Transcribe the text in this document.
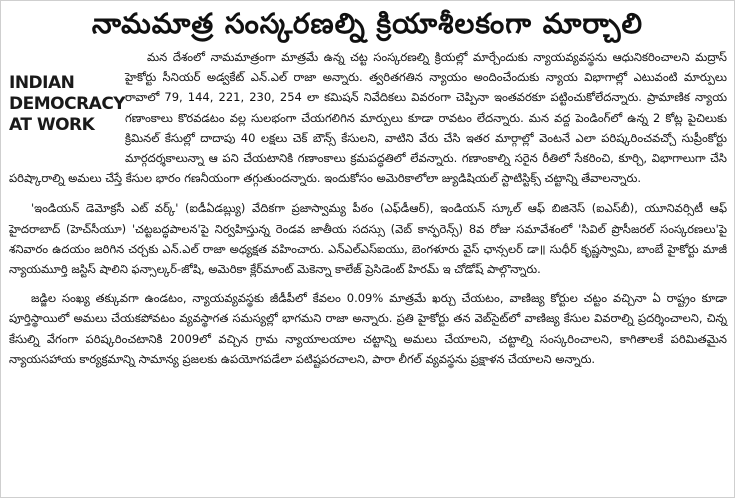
నామమాత్ర సంస్కరణల్ని క్రియాశీలకంగా మార్చాలి
INDIAN
DEMOCRACY
AT WORK

మన దేశంలో నామమాత్రంగా మాత్రమే ఉన్న చట్ట సంస్కరణల్ని క్రియల్లో మార్చేందుకు న్యాయవ్యవస్థను ఆధునికరించాలని మద్రాస్ హైకోర్టు సీనియర్ అడ్వకేట్ ఎన్.ఎల్ రాజా అన్నారు. త్వరితగతిన న్యాయం అందించేందుకు న్యాయ విభాగాల్లో ఎటువంటి మార్పులు రావాలో 79, 144, 221, 230, 254 లా కమిషన్ నివేదికలు వివరంగా చెప్పినా ఇంతవరకూ పట్టించుకోలేదన్నారు. ప్రామాణిక న్యాయ గణాంకాలు కొరవడటం వల్ల సులభంగా చేయగలిగిన మార్పులు కూడా రావటం లేదన్నారు. మన వద్ద పెండింగ్‌లో ఉన్న 2 కోట్ల పైచిలుకు క్రిమినల్ కేసుల్లో దాదాపు 40 లక్షలు చెక్ బౌన్స్ కేసులని, వాటిని వేరు చేసి ఇతర మార్గాల్లో వెంటనే ఎలా పరిష్కరించవచ్చో సుప్రీంకోర్టు మార్గదర్శకాలున్నా ఆ పని చేయటానికి గణాంకాలు క్రమపద్ధతిలో లేవన్నారు. గణాంకాల్ని సరైన రీతిలో సేకరించి, కూర్చి, విభాగాలుగా చేసి పరిష్కారాల్ని అమలు చేస్తే కేసుల భారం గణనీయంగా తగ్గుతుందన్నారు. ఇందుకోసం అమెరికాలోలా జ్యుడిషియల్ స్టాటిస్టిక్స్ చట్టాన్ని తేవాలన్నారు.

'ఇండియన్ డెమోక్రసీ ఎట్ వర్క్' (ఐడీఏడబ్ల్యు) వేదికగా ప్రజాస్వామ్య పీఠం (ఎఫ్‌డీఆర్), ఇండియన్ స్కూల్ ఆఫ్ బిజినెస్ (ఐఎస్‌బీ), యూనివర్సిటీ ఆఫ్ హైదరాబాద్ (హెచ్‌సీయూ) 'చట్టబద్ధపాలన'పై నిర్వహిస్తున్న రెండవ జాతీయ సదస్సు (వెబ్ కాన్ఫరెన్స్) 8వ రోజు సమావేశంలో 'సివిల్ ప్రొసీజరల్ సంస్కరణలు'పై శనివారం ఉదయం జరిగిన చర్చకు ఎన్.ఎల్ రాజా అధ్యక్షత వహించారు. ఎన్ఎల్ఎస్ఐయు, బెంగళూరు వైస్ ఛాన్సలర్ డా॥ సుధీర్ కృష్ణస్వామి, బాంబే హైకోర్టు మాజీ న్యాయమూర్తి జస్టిస్ షాలిని ఫన్సాల్కర్-జోషి, అమెరికా క్లేర్‌మాంట్ మెకెన్నా కాలేజ్ ప్రెసిడెంట్ హిరమ్ ఇ చోడోష్ పాల్గొన్నారు.

జడ్జిల సంఖ్య తక్కువగా ఉండటం, న్యాయవ్యవస్థకు జీడీపీలో కేవలం 0.09% మాత్రమే ఖర్చు చేయటం, వాణిజ్య కోర్టుల చట్టం వచ్చినా ఏ రాష్ట్రం కూడా పూర్తిస్థాయిలో అమలు చేయకపోవటం వ్యవస్థాగత సమస్యల్లో భాగమని రాజా అన్నారు. ప్రతి హైకోర్టు తన వెబ్‌సైట్‌లో వాణిజ్య కేసుల వివరాల్ని ప్రదర్శించాలని, చిన్న కేసుల్ని వేగంగా పరిష్కరించటానికి 2009లో వచ్చిన గ్రామ న్యాయాలయాల చట్టాన్ని అమలు చేయాలని, చట్టాల్ని సంస్కరించాలని, కాగితాలకే పరిమితమైన న్యాయసహాయ కార్యక్రమాన్ని సామాన్య ప్రజలకు ఉపయోగపడేలా పటిష్టపరచాలని, పారా లీగల్ వ్యవస్థను ప్రక్షాళన చేయాలని అన్నారు.
